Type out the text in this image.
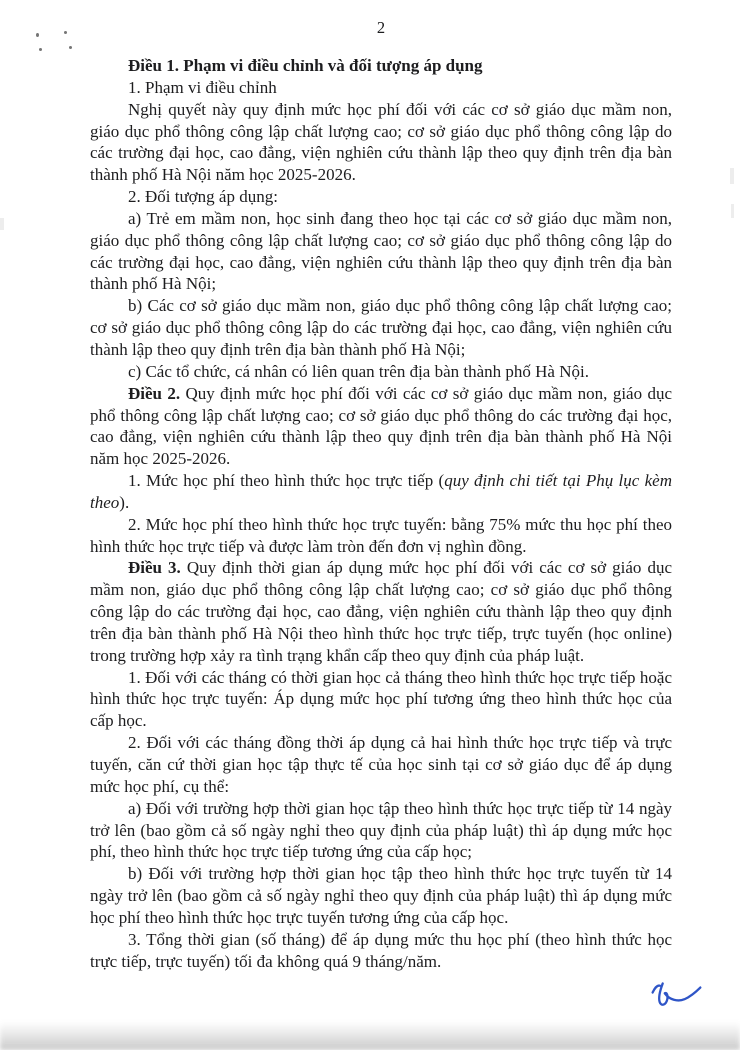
2

Điều 1. Phạm vi điều chỉnh và đối tượng áp dụng

1. Phạm vi điều chỉnh

Nghị quyết này quy định mức học phí đối với các cơ sở giáo dục mầm non, giáo dục phổ thông công lập chất lượng cao; cơ sở giáo dục phổ thông công lập do các trường đại học, cao đẳng, viện nghiên cứu thành lập theo quy định trên địa bàn thành phố Hà Nội năm học 2025-2026.

2. Đối tượng áp dụng:

a) Trẻ em mầm non, học sinh đang theo học tại các cơ sở giáo dục mầm non, giáo dục phổ thông công lập chất lượng cao; cơ sở giáo dục phổ thông công lập do các trường đại học, cao đẳng, viện nghiên cứu thành lập theo quy định trên địa bàn thành phố Hà Nội;

b) Các cơ sở giáo dục mầm non, giáo dục phổ thông công lập chất lượng cao; cơ sở giáo dục phổ thông công lập do các trường đại học, cao đẳng, viện nghiên cứu thành lập theo quy định trên địa bàn thành phố Hà Nội;

c) Các tổ chức, cá nhân có liên quan trên địa bàn thành phố Hà Nội.

Điều 2. Quy định mức học phí đối với các cơ sở giáo dục mầm non, giáo dục phổ thông công lập chất lượng cao; cơ sở giáo dục phổ thông do các trường đại học, cao đẳng, viện nghiên cứu thành lập theo quy định trên địa bàn thành phố Hà Nội năm học 2025-2026.

1. Mức học phí theo hình thức học trực tiếp (quy định chi tiết tại Phụ lục kèm theo).

2. Mức học phí theo hình thức học trực tuyến: bằng 75% mức thu học phí theo hình thức học trực tiếp và được làm tròn đến đơn vị nghìn đồng.

Điều 3. Quy định thời gian áp dụng mức học phí đối với các cơ sở giáo dục mầm non, giáo dục phổ thông công lập chất lượng cao; cơ sở giáo dục phổ thông công lập do các trường đại học, cao đẳng, viện nghiên cứu thành lập theo quy định trên địa bàn thành phố Hà Nội theo hình thức học trực tiếp, trực tuyến (học online) trong trường hợp xảy ra tình trạng khẩn cấp theo quy định của pháp luật.

1. Đối với các tháng có thời gian học cả tháng theo hình thức học trực tiếp hoặc hình thức học trực tuyến: Áp dụng mức học phí tương ứng theo hình thức học của cấp học.

2. Đối với các tháng đồng thời áp dụng cả hai hình thức học trực tiếp và trực tuyến, căn cứ thời gian học tập thực tế của học sinh tại cơ sở giáo dục để áp dụng mức học phí, cụ thể:

a) Đối với trường hợp thời gian học tập theo hình thức học trực tiếp từ 14 ngày trở lên (bao gồm cả số ngày nghỉ theo quy định của pháp luật) thì áp dụng mức học phí, theo hình thức học trực tiếp tương ứng của cấp học;

b) Đối với trường hợp thời gian học tập theo hình thức học trực tuyến từ 14 ngày trở lên (bao gồm cả số ngày nghỉ theo quy định của pháp luật) thì áp dụng mức học phí theo hình thức học trực tuyến tương ứng của cấp học.

3. Tổng thời gian (số tháng) để áp dụng mức thu học phí (theo hình thức học trực tiếp, trực tuyến) tối đa không quá 9 tháng/năm.
